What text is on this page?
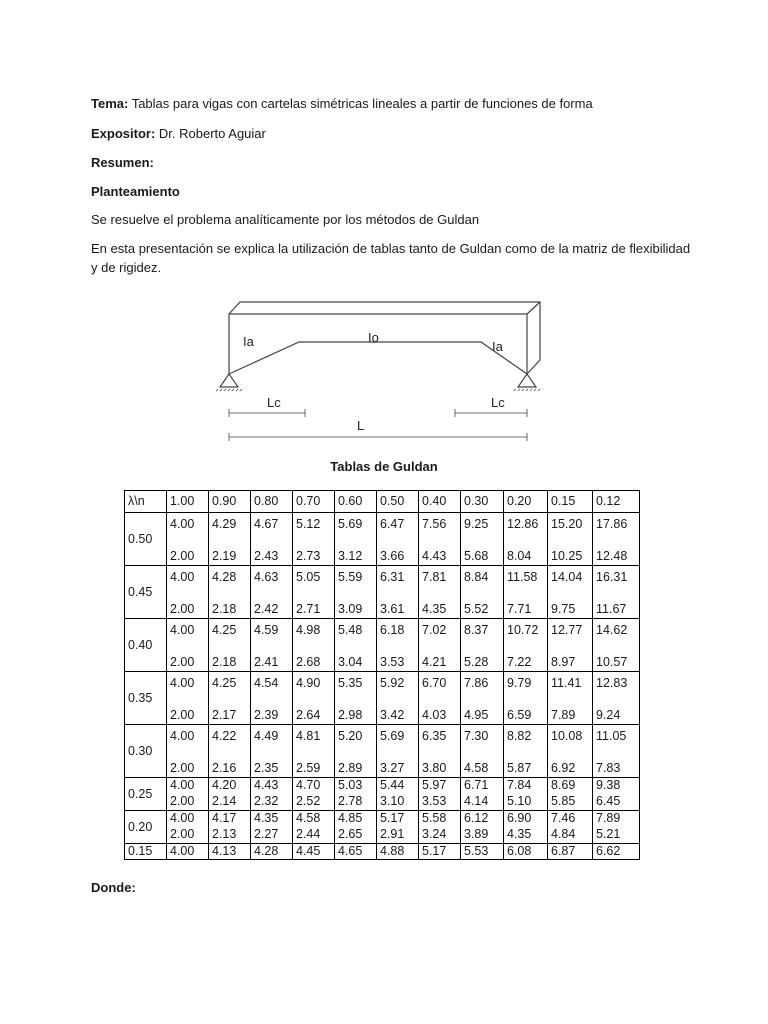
Tema: Tablas para vigas con cartelas simétricas lineales a partir de funciones de forma
Expositor: Dr. Roberto Aguiar
Resumen:
Planteamiento
Se resuelve el problema analíticamente por los métodos de Guldan
En esta presentación se explica la utilización de tablas tanto de Guldan como de la matriz de flexibilidad
y de rigidez.
Ia	Io
Ia
Lc	Lc
L
Tablas de Guldan
λ\n	1.00	0.90	0.80	0.70	0.60	0.50	0.40	0.30	0.20	0.15	0.12
0.50	4.00	4.29	4.67	5.12	5.69	6.47	7.56	9.25	12.86	15.20	17.86
	2.00	2.19	2.43	2.73	3.12	3.66	4.43	5.68	8.04	10.25	12.48
0.45	4.00	4.28	4.63	5.05	5.59	6.31	7.81	8.84	11.58	14.04	16.31
	2.00	2.18	2.42	2.71	3.09	3.61	4.35	5.52	7.71	9.75	11.67
0.40	4.00	4.25	4.59	4.98	5.48	6.18	7.02	8.37	10.72	12.77	14.62
	2.00	2.18	2.41	2.68	3.04	3.53	4.21	5.28	7.22	8.97	10.57
0.35	4.00	4.25	4.54	4.90	5.35	5.92	6.70	7.86	9.79	11.41	12.83
	2.00	2.17	2.39	2.64	2.98	3.42	4.03	4.95	6.59	7.89	9.24
0.30	4.00	4.22	4.49	4.81	5.20	5.69	6.35	7.30	8.82	10.08	11.05
	2.00	2.16	2.35	2.59	2.89	3.27	3.80	4.58	5.87	6.92	7.83
0.25	4.00	4.20	4.43	4.70	5.03	5.44	5.97	6.71	7.84	8.69	9.38
	2.00	2.14	2.32	2.52	2.78	3.10	3.53	4.14	5.10	5.85	6.45
0.20	4.00	4.17	4.35	4.58	4.85	5.17	5.58	6.12	6.90	7.46	7.89
	2.00	2.13	2.27	2.44	2.65	2.91	3.24	3.89	4.35	4.84	5.21
0.15	4.00	4.13	4.28	4.45	4.65	4.88	5.17	5.53	6.08	6.87	6.62
Donde:
